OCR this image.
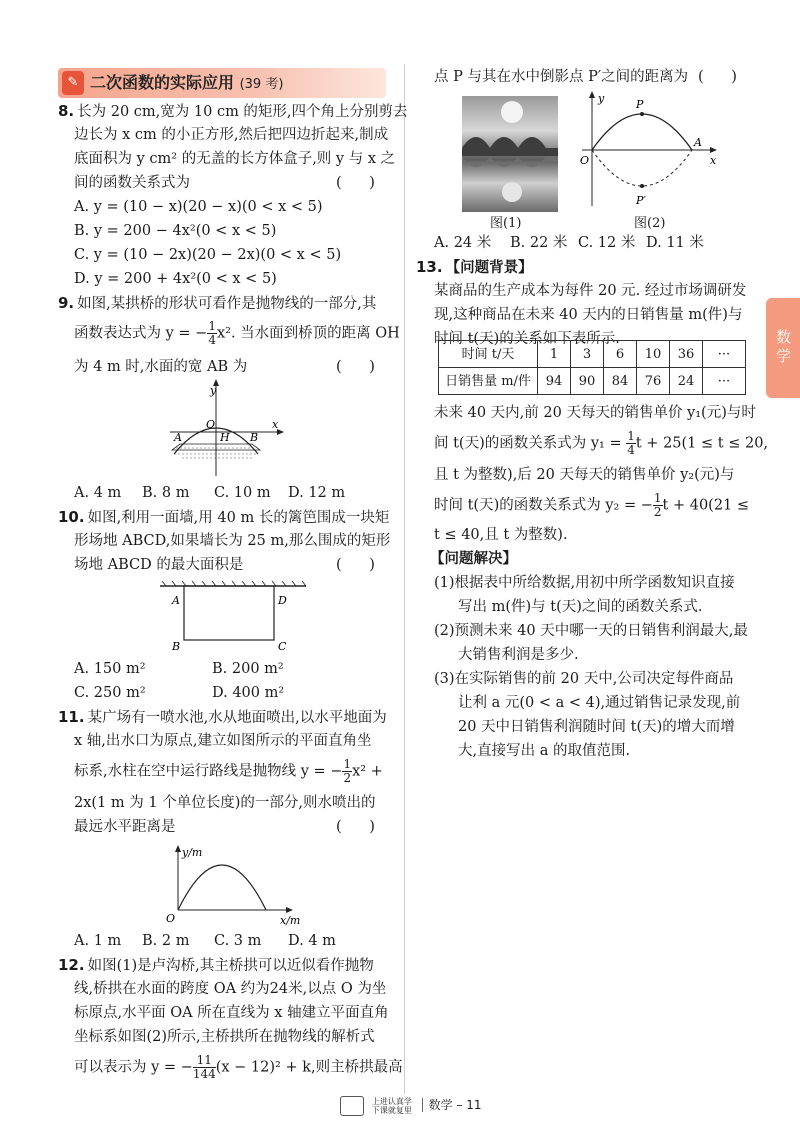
✎ 二次函数的实际应用 (39 考)
8. 长为 20 cm,宽为 10 cm 的矩形,四个角上分别剪去
边长为 x cm 的小正方形,然后把四边折起来,制成
底面积为 y cm² 的无盖的长方体盒子,则 y 与 x 之
间的函数关系式为	(      )
A. y = (10 − x)(20 − x)(0 < x < 5)
B. y = 200 − 4x²(0 < x < 5)
C. y = (10 − 2x)(20 − 2x)(0 < x < 5)
D. y = 200 + 4x²(0 < x < 5)
9. 如图,某拱桥的形状可看作是抛物线的一部分,其
函数表达式为 y = − $\frac{1}{4} x^2$. 当水面到桥顶的距离 OH
为 4 m 时,水面的宽 AB 为	(      )
y
x
O
A	H B
A. 4 m B. 8 m C. 10 m D. 12 m
10. 如图,利用一面墙,用 40 m 长的篱笆围成一块矩
形场地 ABCD,如果墙长为 25 m,那么围成的矩形
场地 ABCD 的最大面积是	(      )
A	D
B	C
A. 150 m²	B. 200 m²
C. 250 m²	D. 400 m²
11. 某广场有一喷水池,水从地面喷出,以水平地面为
x 轴,出水口为原点,建立如图所示的平面直角坐
标系,水柱在空中运行路线是抛物线 y = − $\frac{1}{2} x^2$ +
2x(1 m 为 1 个单位长度)的一部分,则水喷出的
最远水平距离是	(      )
y/m
x/m
O
A. 1 m B. 2 m C. 3 m D. 4 m
12. 如图(1)是卢沟桥,其主桥拱可以近似看作抛物
线,桥拱在水面的跨度 OA 约为24米,以点 O 为坐
标原点,水平面 OA 所在直线为 x 轴建立平面直角
坐标系如图(2)所示,主桥拱所在抛物线的解析式
可以表示为 y = − $\frac{11}{144} (x - 12)^2 + k$,则主桥拱最高
点 P 与其在水中倒影点 P′之间的距离为 (      )
图(1)
y
x
O
A
P
P′
图(2)
A. 24 米 B. 22 米 C. 12 米 D. 11 米
13. 【问题背景】
某商品的生产成本为每件 20 元. 经过市场调研发
现,这种商品在未来 40 天内的日销售量 m(件)与
时间 t(天)的关系如下表所示.
时间 t/天	1	3	6	10	36	···
日销售量 m/件	94	90	84	76	24	···
未来 40 天内,前 20 天每天的销售单价 y₁(元)与时
间 t(天)的函数关系式为 $y_1 = \frac{1}{4}$ t + 25(1 ≤ t ≤ 20,
且 t 为整数),后 20 天每天的销售单价 y₂(元)与
时间 t(天)的函数关系式为 y₂ = − $\frac{1}{2}$ t + 40(21 ≤
t ≤ 40,且 t 为整数).
【问题解决】
(1)根据表中所给数据,用初中所学函数知识直接
写出 m(件)与 t(天)之间的函数关系式.
(2)预测未来 40 天中哪一天的日销售利润最大,最
大销售利润是多少.
(3)在实际销售的前 20 天中,公司决定每件商品
让利 a 元(0 < a < 4),通过销售记录发现,前
20 天中日销售利润随时间 t(天)的增大而增
大,直接写出 a 的取值范围.
数学
上进认真学
下课就复里 数学 – 11
